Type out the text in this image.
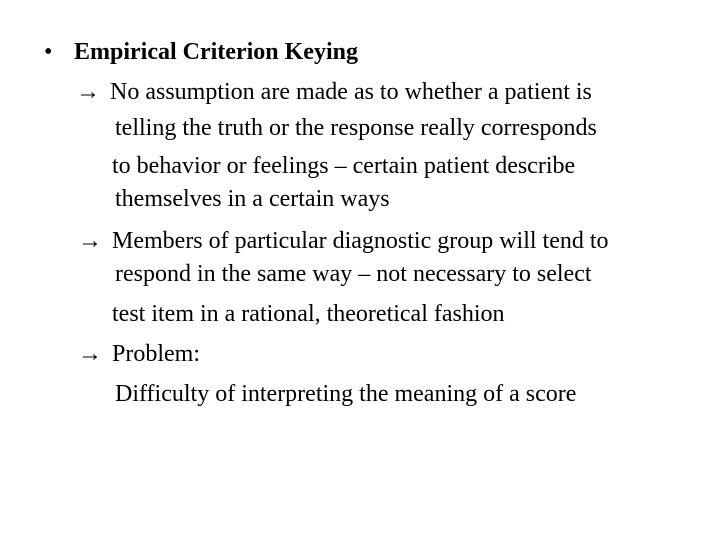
• Empirical Criterion Keying
→ No assumption are made as to whether a patient is
telling the truth or the response really corresponds
to behavior or feelings – certain patient describe
themselves in a certain ways
→ Members of particular diagnostic group will tend to
respond in the same way – not necessary to select
test item in a rational, theoretical fashion
→ Problem:
Difficulty of interpreting the meaning of a score
